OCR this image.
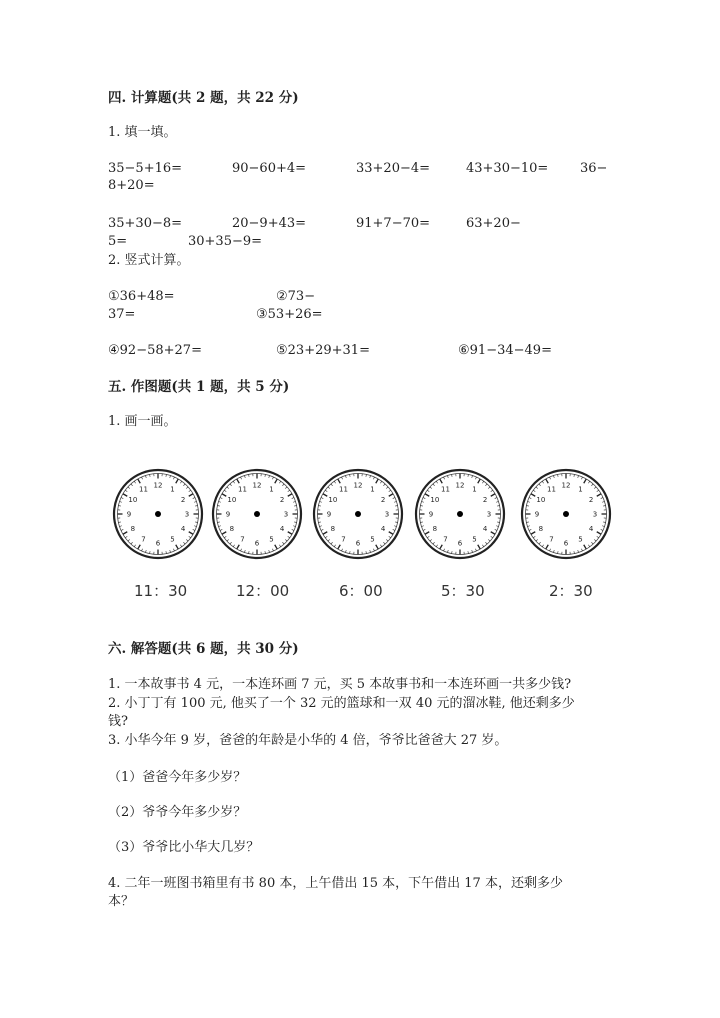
四. 计算题(共 2 题，共 22 分)
1. 填一填。
35−5+16=	90−60+4=	33+20−4=	43+30−10= 36−
8+20=
35+30−8=	20−9+43=	91+7−70=	63+20−
5=	30+35−9=
2. 竖式计算。
①36+48=	②73−
37=	③53+26=
④92−58+27=	⑤23+29+31=	⑥91−34−49=
五. 作图题(共 1 题，共 5 分)
1. 画一画。
12 1
2
3
4
5
6
7
8
9
10
11	12 1
2
3
4
5
6
7
8
9
10
11	12 1
2
3
4
5
6
7
8
9
10
11	12 1
2
3
4
5
6
7
8
9
10
11	12 1
2
3
4
5
6
7
8
9
10
11
11：30	12：00	6：00	5：30	2：30
六. 解答题(共 6 题，共 30 分)
1. 一本故事书 4 元，一本连环画 7 元，买 5 本故事书和一本连环画一共多少钱?
2. 小丁丁有 100 元, 他买了一个 32 元的篮球和一双 40 元的溜冰鞋, 他还剩多少
钱?
3. 小华今年 9 岁，爸爸的年龄是小华的 4 倍，爷爷比爸爸大 27 岁。
（1）爸爸今年多少岁？
（2）爷爷今年多少岁？
（3）爷爷比小华大几岁？
4. 二年一班图书箱里有书 80 本，上午借出 15 本，下午借出 17 本，还剩多少
本？
